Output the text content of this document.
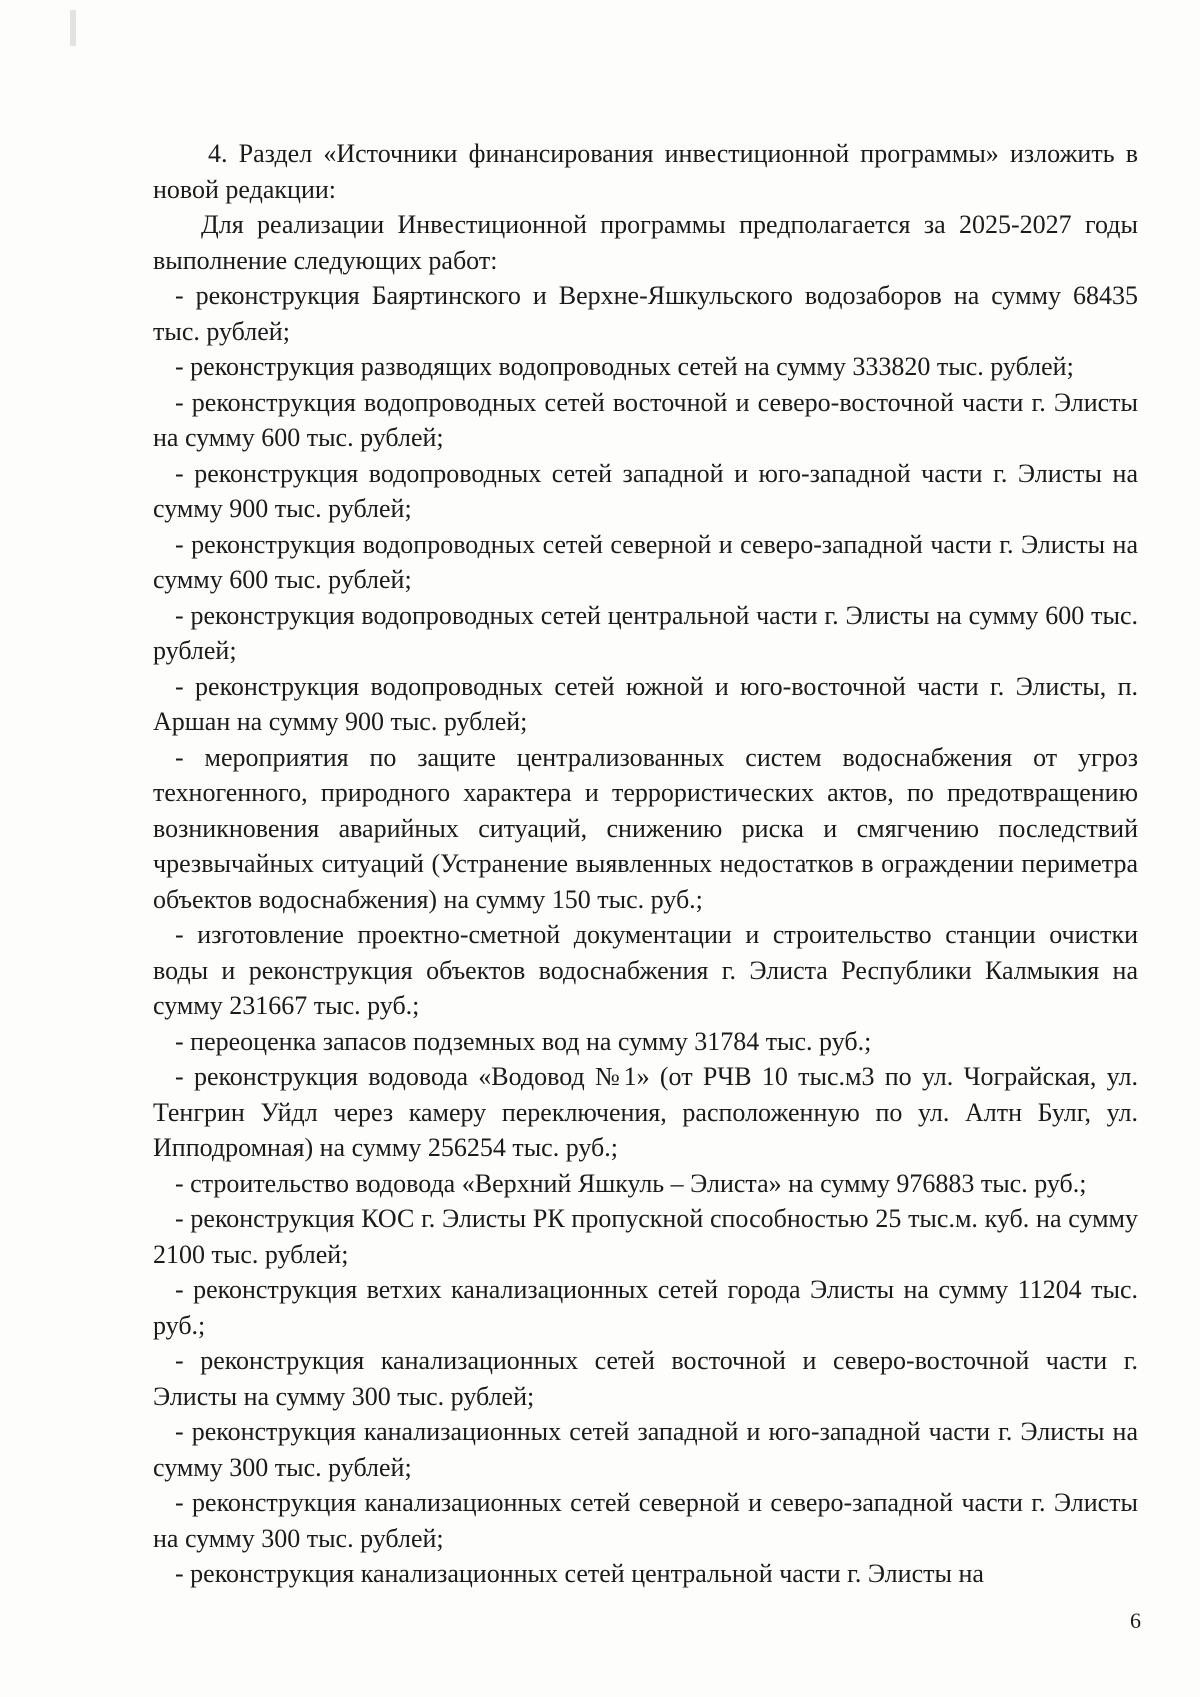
4. Раздел «Источники финансирования инвестиционной программы» изложить в новой редакции:

Для реализации Инвестиционной программы предполагается за 2025-2027 годы выполнение следующих работ:

- реконструкция Баяртинского и Верхне-Яшкульского водозаборов на сумму 68435 тыс. рублей;

- реконструкция разводящих водопроводных сетей на сумму 333820 тыс. рублей;

- реконструкция водопроводных сетей восточной и северо-восточной части г. Элисты на сумму 600 тыс. рублей;

- реконструкция водопроводных сетей западной и юго-западной части г. Элисты на сумму 900 тыс. рублей;

- реконструкция водопроводных сетей северной и северо-западной части г. Элисты на сумму 600 тыс. рублей;

- реконструкция водопроводных сетей центральной части г. Элисты на сумму 600 тыс. рублей;

- реконструкция водопроводных сетей южной и юго-восточной части г. Элисты, п. Аршан на сумму 900 тыс. рублей;

- мероприятия по защите централизованных систем водоснабжения от угроз техногенного, природного характера и террористических актов, по предотвращению возникновения аварийных ситуаций, снижению риска и смягчению последствий чрезвычайных ситуаций (Устранение выявленных недостатков в ограждении периметра объектов водоснабжения) на сумму 150 тыс. руб.;

- изготовление проектно-сметной документации и строительство станции очистки воды и реконструкция объектов водоснабжения г. Элиста Республики Калмыкия на сумму 231667 тыс. руб.;

- переоценка запасов подземных вод на сумму 31784 тыс. руб.;

- реконструкция водовода «Водовод №1» (от РЧВ 10 тыс.м3 по ул. Чограйская, ул. Тенгрин Уйдл через камеру переключения, расположенную по ул. Алтн Булг, ул. Ипподромная) на сумму 256254 тыс. руб.;

- строительство водовода «Верхний Яшкуль – Элиста» на сумму 976883 тыс. руб.;

- реконструкция КОС г. Элисты РК пропускной способностью 25 тыс.м. куб. на сумму 2100 тыс. рублей;

- реконструкция ветхих канализационных сетей города Элисты на сумму 11204 тыс. руб.;

- реконструкция канализационных сетей восточной и северо-восточной части г. Элисты на сумму 300 тыс. рублей;

- реконструкция канализационных сетей западной и юго-западной части г. Элисты на сумму 300 тыс. рублей;

- реконструкция канализационных сетей северной и северо-западной части г. Элисты на сумму 300 тыс. рублей;

- реконструкция канализационных сетей центральной части г. Элисты на

6
